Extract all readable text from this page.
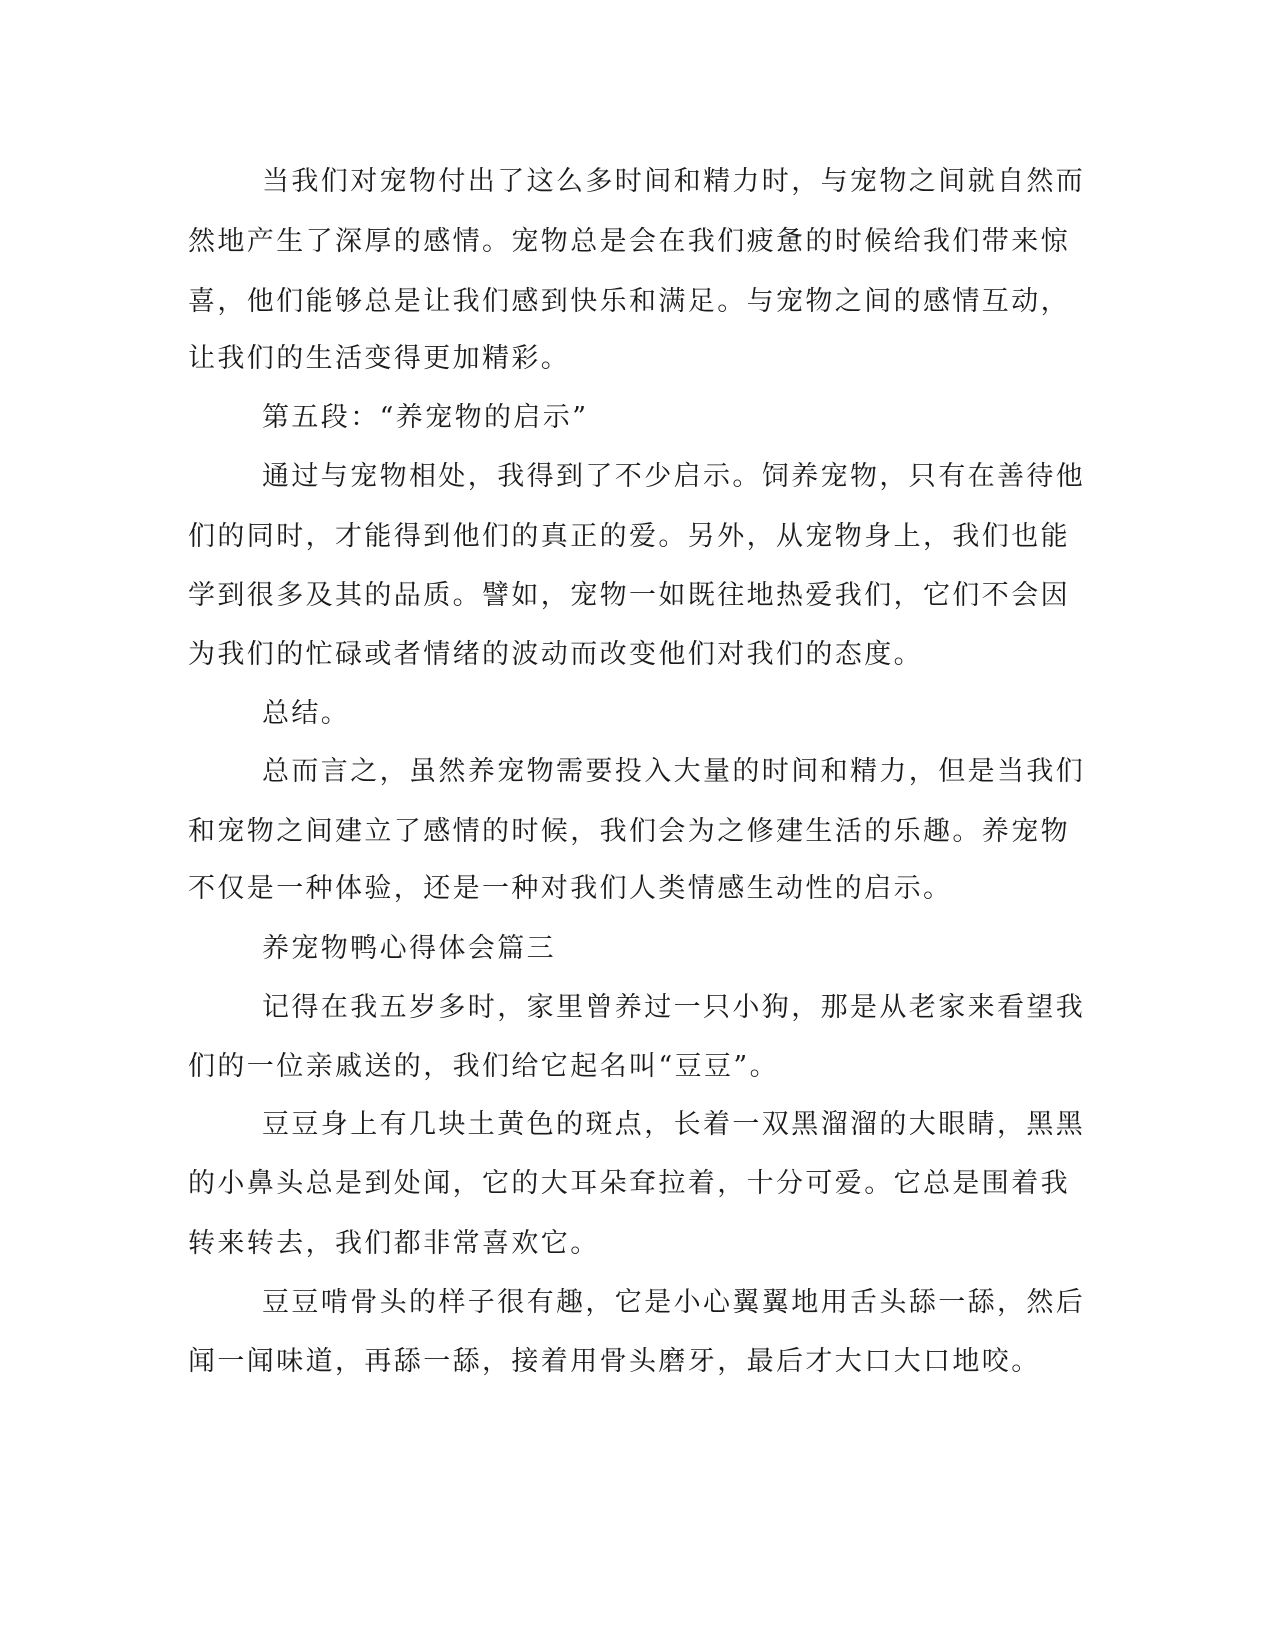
当我们对宠物付出了这么多时间和精力时，与宠物之间就自然而
然地产生了深厚的感情。宠物总是会在我们疲惫的时候给我们带来惊
喜，他们能够总是让我们感到快乐和满足。与宠物之间的感情互动，
让我们的生活变得更加精彩。
第五段：“养宠物的启示”
通过与宠物相处，我得到了不少启示。饲养宠物，只有在善待他
们的同时，才能得到他们的真正的爱。另外，从宠物身上，我们也能
学到很多及其的品质。譬如，宠物一如既往地热爱我们，它们不会因
为我们的忙碌或者情绪的波动而改变他们对我们的态度。
总结。
总而言之，虽然养宠物需要投入大量的时间和精力，但是当我们
和宠物之间建立了感情的时候，我们会为之修建生活的乐趣。养宠物
不仅是一种体验，还是一种对我们人类情感生动性的启示。
养宠物鸭心得体会篇三
记得在我五岁多时，家里曾养过一只小狗，那是从老家来看望我
们的一位亲戚送的，我们给它起名叫“豆豆”。
豆豆身上有几块土黄色的斑点，长着一双黑溜溜的大眼睛，黑黑
的小鼻头总是到处闻，它的大耳朵耷拉着，十分可爱。它总是围着我
转来转去，我们都非常喜欢它。
豆豆啃骨头的样子很有趣，它是小心翼翼地用舌头舔一舔，然后
闻一闻味道，再舔一舔，接着用骨头磨牙，最后才大口大口地咬。
